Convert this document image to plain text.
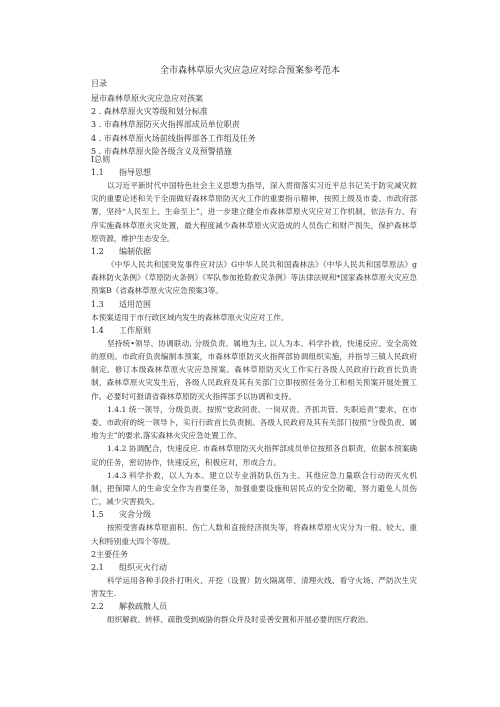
全市森林草原火灾应急应对综合预案参考范本
目录
屋市森林草原火灾应急应对孩案
2 . 森林草原火灾等级和划分标准
3 . 市森林草原防灭火指挥部成员单位职责
4 . 市森林草原火场前线指挥部各工作组及任务
5 . 市森林草原火险各级含义及预警措施
I总则
1.1	指导思想
以习近平新时代中国特色社会主义思想为指导，深入贯彻落实习近平总书记关于防灾减灾救灾的重要论述和关于全面做好森林草原防灭火工作的重要指示精神，按照上级及市委、市政府部署，坚持“人民至上、生命至上”，进一步建立健全市森林草原火灾应对工作机制，依法有力、有序实施森林草原火灾处置，最大程度减少森林草原火灾造成的人员伤亡和财产损失，保护森林草原资源，维护生态安全。
1.2	编制依据
《中华人民共和国突发事件应对法》G中华人民共和国森林法》《中华人民共和国草原法》g森林防火条例》《草原防火条例》《军队参加抢险救灾条例》等法律法规和*国家森林草原火灾应急预案B《省森林草原火灾应急预案3等。
1.3	适用范围
本预案适用于市行政区域内发生的森林草原火灾应对工作。
1.4	工作原则
坚持统•领导、协调联动, 分级负责、属地为主, 以人为本、科学扑救，快速反应、安全高效的原则。市政府负责编制本预案，市森林草原防灭火指挥部协调组织实施，并指导三镇人民政府制定、修订本级森林草原火灾应急预案。森林草原防灭火工作实行各级人民政府行政首长负责制，森林草原火灾发生后，各级人民政府及其有关部门立即按照任务分工和相关预案开展处置工作。必要时可报请省森林草原防灭火指挥部予以协调和支持。
1.4.1 统一领导，分级负责。按照“党政同责、一岗双责、齐抓共管、失职追责”要求，在市委、市政府的统一领导卜，实行行政首长负责制。各级人民政府及其有关部门按照“分级负责、属地为主”的要求,落实森林火灾应急处置工作。
1.4.2 协调配合，快速反应. 市森林草原防灭火指挥部成员单位按照各自职责，依据本预案确定的任务，密切协作，快速反应，积极应对，形成合力。
1.4.3 科学扑救，以人为本。建立以专业消防队伍为主、其他应急力量联合行动的灭火机制，把保障人的生命安全作为首要任务，加强重要设施和居民点的安全防範，努力避免人员伤亡，减少灾害损失。
1.5	灾舍分级
按照受害森林草原面积、伤亡人数和直接经济损失等，将森林草原火灾分为一般、较大、重大和特别重大四个等级。
2主要任务
2.1	组织灭火行动
科学运用各种手段扑打明火、开挖（设置）防火隔离带、清理火线、看守火场、严防次生灾害发生.
2.2	解救疏散人员
组织解救、转移、疏散受到威胁的群众并及时妥善安置和开展必要的医疗救治。
